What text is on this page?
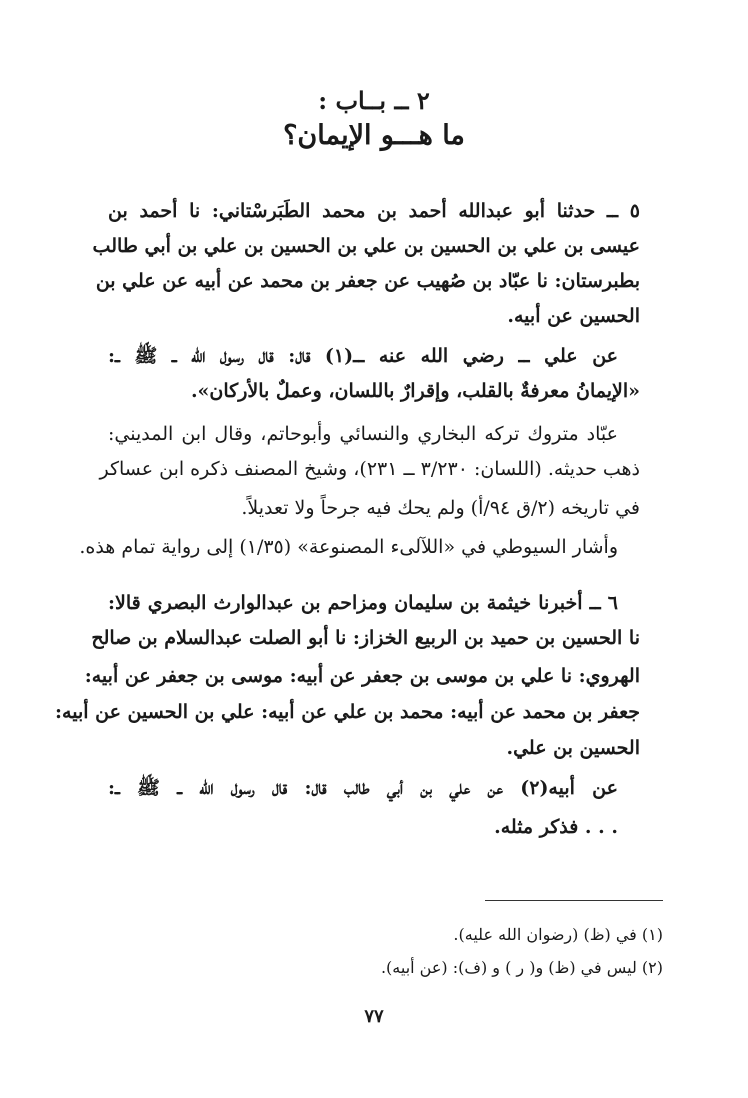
٢ ــ بــاب :
ما هـــو الإيمان؟
٥ ــ حدثنا أبو عبدالله أحمد بن محمد الطَبَرسْتاني: نا أحمد بن
عيسى بن علي بن الحسين بن علي بن الحسين بن علي بن أبي طالب
بطبرستان: نا عبّاد بن صُهيب عن جعفر بن محمد عن أبيه عن علي بن
الحسين عن أبيه.
عن علي ــ رضي الله عنه ــ(١) قال: قال رسول الله ــ ﷺ ــ:
«الإيمانُ معرفةٌ بالقلب، وإقرارٌ باللسان، وعملٌ بالأركان».
عبّاد متروك تركه البخاري والنسائي وأبوحاتم، وقال ابن المديني:
ذهب حديثه. (اللسان: ٣/٢٣٠ ــ ٢٣١)، وشيخ المصنف ذكره ابن عساكر
في تاريخه (٢/ق ٩٤/أ) ولم يحك فيه جرحاً ولا تعديلاً.
وأشار السيوطي في «اللآلىء المصنوعة» (١/٣٥) إلى رواية تمام هذه.
٦ ــ أخبرنا خيثمة بن سليمان ومزاحم بن عبدالوارث البصري قالا:
نا الحسين بن حميد بن الربيع الخزاز: نا أبو الصلت عبدالسلام بن صالح
الهروي: نا علي بن موسى بن جعفر عن أبيه: موسى بن جعفر عن أبيه:
جعفر بن محمد عن أبيه: محمد بن علي عن أبيه: علي بن الحسين عن أبيه:
الحسين بن علي.
عن أبيه(٢) عن علي بن أبي طالب قال: قال رسول الله ــ ﷺ ــ:
. . . فذكر مثله.
(١) في (ظ) (رضوان الله عليه).
(٢) ليس في (ظ) و( ر ) و (ف): (عن أبيه).
٧٧
